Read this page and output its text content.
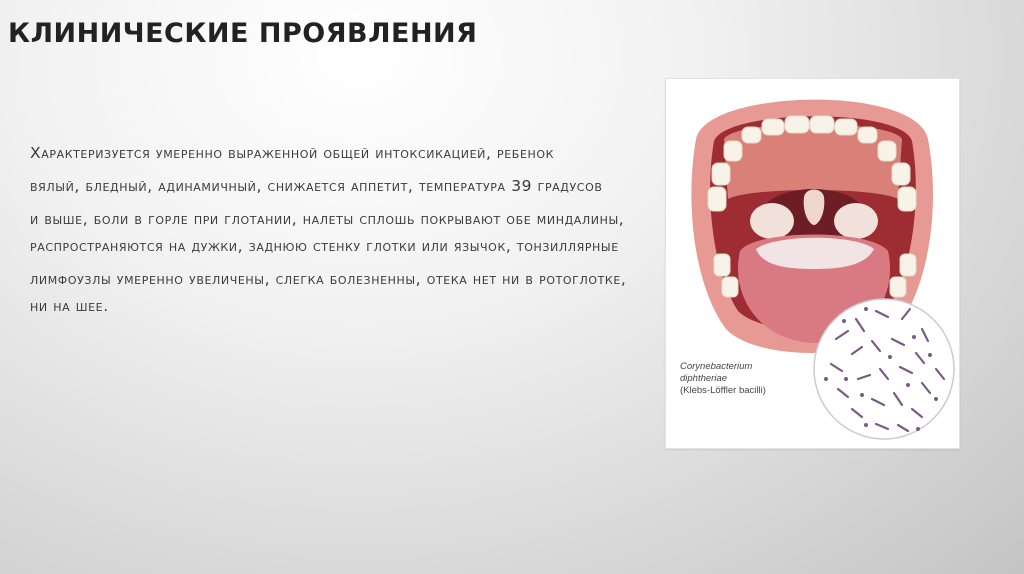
КЛИНИЧЕСКИЕ ПРОЯВЛЕНИЯ

Характеризуется умеренно выраженной общей интоксикацией, ребенок

вялый, бледный, адинамичный, снижается аппетит, температура 39 градусов

и выше, боли в горле при глотании, налеты сплошь покрывают обе миндалины, распространяются на дужки, заднюю стенку глотки или язычок, тонзиллярные

лимфоузлы умеренно увеличены, слегка болезненны, отека нет ни в ротоглотке, ни на шее.

Corynebacterium
diphtheriae
(Klebs-Löffler bacilli)
